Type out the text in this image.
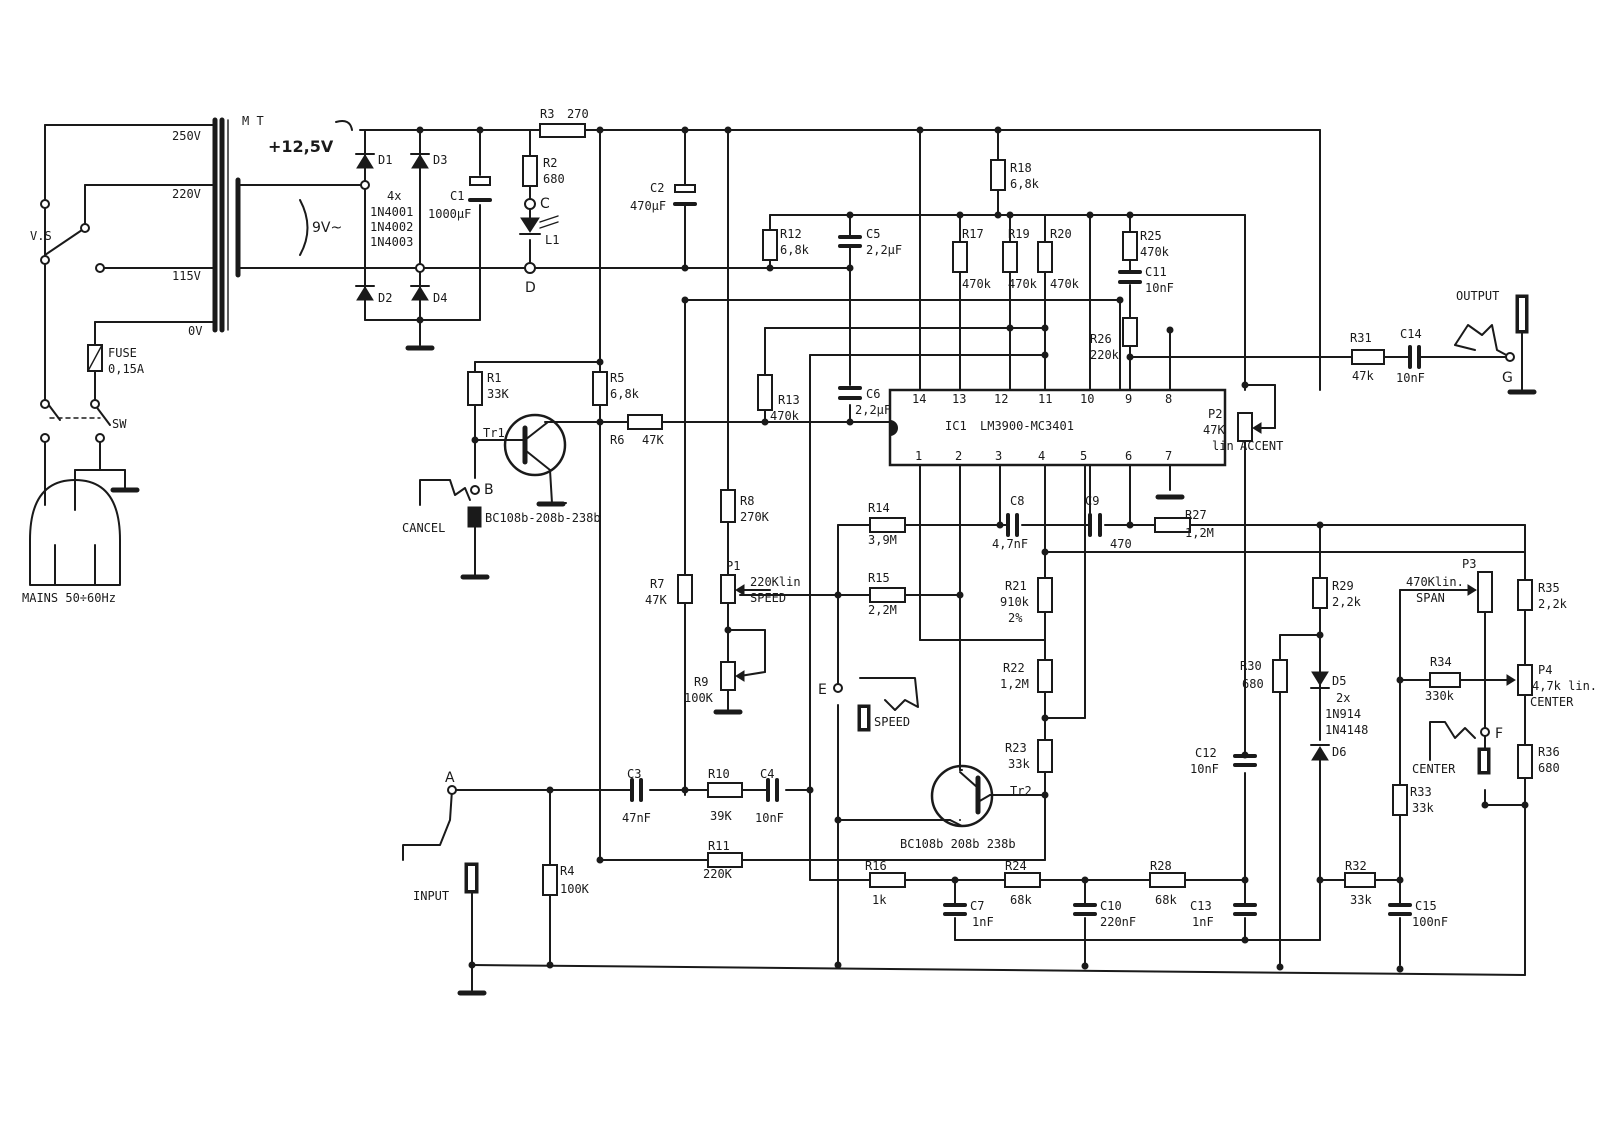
M T
250V
220V
115V
0V
V.S
SW
FUSE
0,15A
MAINS 50÷60Hz
+12,5V
9V~
D1	D3
D2	D4
4x
1N4001
1N4002
1N4003
C1
1000µF
C2
470µF
R2
680
R3 270
L1
C
D
R1
33K
R5
6,8k
R6 47K
Tr1
BC108b-208b-238b
B
CANCEL
IC1 LM3900-MC3401
14 13 12 11 10	9	8
1	2	3	4	5	6	7
R12
6,8k
C5
2,2µF
R18
6,8k
R17
470k
R19
470k
R20
470k
R25
470k
C11
10nF
R26
220k
R13
470k
C6
2,2µF
R8
270K
R7
47K
R9
100K
R14
3,9M
R15
2,2M
C8
4,7nF
C9
470
R27
1,2M
R21
910k
2%
R22
1,2M
R23
33k
Tr2
BC108b 208b 238b
C3
47nF
R10
39K
C4
10nF
R11
220K
R4
100K
R16
1k	C7
1nF
R24
68k	C10
220nF
R28
68k C13
1nF
C12
10nF
R29
2,2k
R30
680	D5
2x
1N914
1N4148
D6
R31
47k
C14
10nF
R32
33k	C15
100nF
R33
33k
R34
330k
R35
2,2k
R36
680
P1
220Klin
SPEED
P2
47K
lin ACCENT
P3
470Klin.
SPAN
P4
4,7k lin.
CENTER
A
INPUT
G
OUTPUT
E
SPEED
F
CENTER
